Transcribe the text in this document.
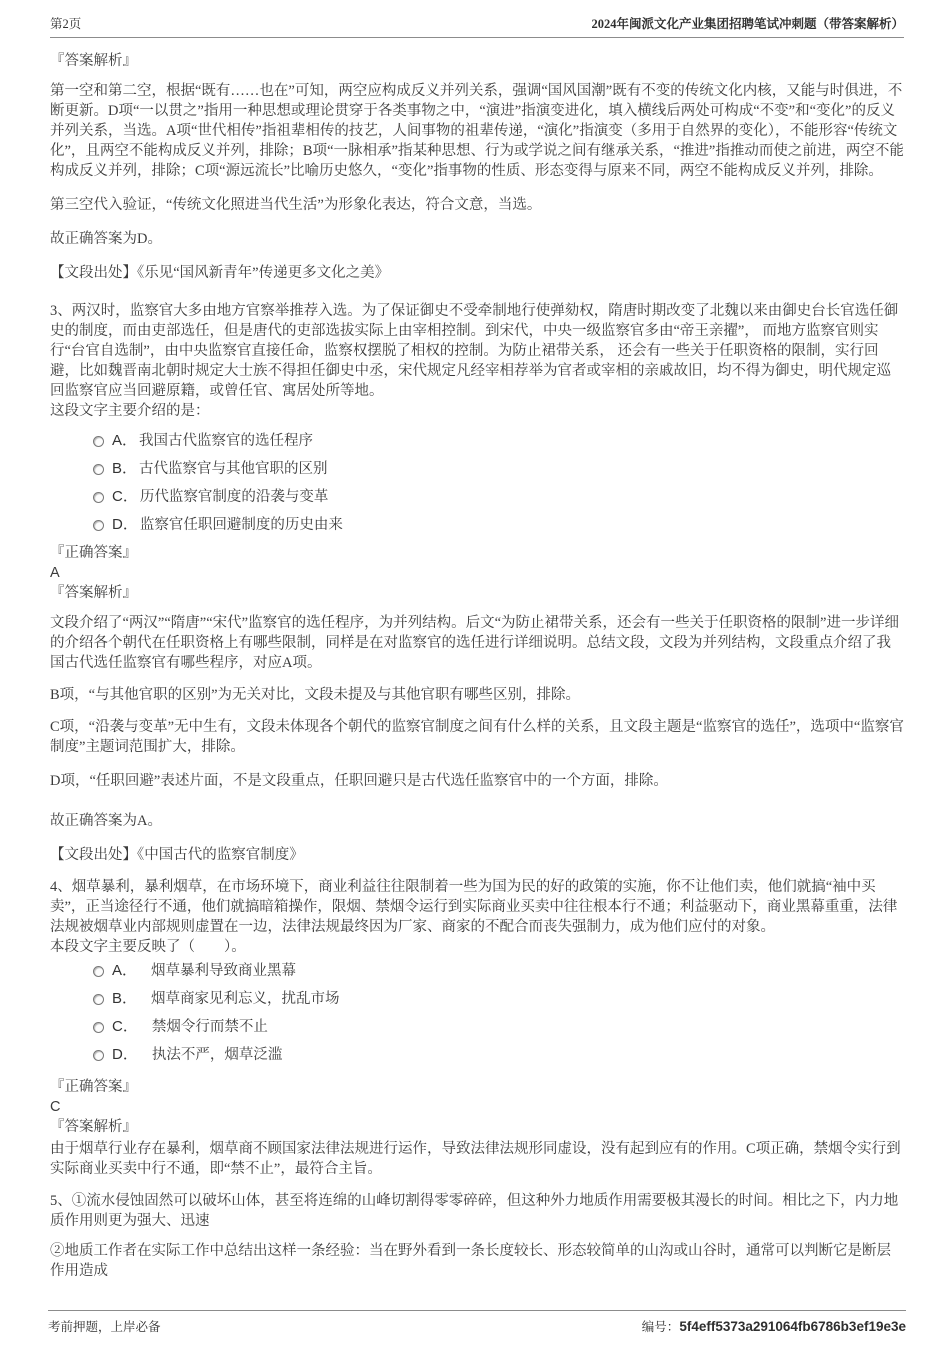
第2页	2024年闽派文化产业集团招聘笔试冲刺题（带答案解析）

『答案解析』

第一空和第二空，根据“既有……也在”可知，两空应构成反义并列关系，强调“国风国潮”既有不变的传统文化内核，又能与时俱进，不断更新。D项“一以贯之”指用一种思想或理论贯穿于各类事物之中，“演进”指演变进化，填入横线后两处可构成“不变”和“变化”的反义并列关系，当选。A项“世代相传”指祖辈相传的技艺，人间事物的祖辈传递，“演化”指演变（多用于自然界的变化），不能形容“传统文化”，且两空不能构成反义并列，排除；B项“一脉相承”指某种思想、行为或学说之间有继承关系，“推进”指推动而使之前进，两空不能构成反义并列，排除；C项“源远流长”比喻历史悠久，“变化”指事物的性质、形态变得与原来不同，两空不能构成反义并列，排除。

第三空代入验证，“传统文化照进当代生活”为形象化表达，符合文意，当选。

故正确答案为D。

【文段出处】《乐见“国风新青年”传递更多文化之美》

3、两汉时，监察官大多由地方官察举推荐入选。为了保证御史不受牵制地行使弹劾权，隋唐时期改变了北魏以来由御史台长官选任御史的制度，而由吏部选任，但是唐代的吏部选拔实际上由宰相控制。到宋代，中央一级监察官多由“帝王亲擢”， 而地方监察官则实行“台官自选制”，由中央监察官直接任命，监察权摆脱了相权的控制。为防止裙带关系， 还会有一些关于任职资格的限制，实行回避，比如魏晋南北朝时规定大士族不得担任御史中丞，宋代规定凡经宰相荐举为官者或宰相的亲戚故旧，均不得为御史，明代规定巡回监察官应当回避原籍，或曾任官、寓居处所等地。

这段文字主要介绍的是：

A． 我国古代监察官的选任程序
B． 古代监察官与其他官职的区别
C． 历代监察官制度的沿袭与变革
D． 监察官任职回避制度的历史由来

『正确答案』

A

『答案解析』

文段介绍了“两汉”“隋唐”“宋代”监察官的选任程序，为并列结构。后文“为防止裙带关系，还会有一些关于任职资格的限制”进一步详细的介绍各个朝代在任职资格上有哪些限制，同样是在对监察官的选任进行详细说明。总结文段，文段为并列结构，文段重点介绍了我国古代选任监察官有哪些程序，对应A项。

B项，“与其他官职的区别”为无关对比，文段未提及与其他官职有哪些区别，排除。

C项，“沿袭与变革”无中生有，文段未体现各个朝代的监察官制度之间有什么样的关系，且文段主题是“监察官的选任”，选项中“监察官制度”主题词范围扩大，排除。

D项，“任职回避”表述片面，不是文段重点，任职回避只是古代选任监察官中的一个方面，排除。

故正确答案为A。

【文段出处】《中国古代的监察官制度》

4、烟草暴利，暴利烟草，在市场环境下，商业利益往往限制着一些为国为民的好的政策的实施，你不让他们卖，他们就搞“袖中买卖”，正当途径行不通，他们就搞暗箱操作，限烟、禁烟令运行到实际商业买卖中往往根本行不通；利益驱动下，商业黑幕重重，法律法规被烟草业内部规则虚置在一边，法律法规最终因为厂家、商家的不配合而丧失强制力，成为他们应付的对象。

本段文字主要反映了（　　）。

A． 烟草暴利导致商业黑幕
B． 烟草商家见利忘义，扰乱市场
C． 禁烟令行而禁不止
D． 执法不严，烟草泛滥

『正确答案』

C

『答案解析』

由于烟草行业存在暴利，烟草商不顾国家法律法规进行运作，导致法律法规形同虚设，没有起到应有的作用。C项正确，禁烟令实行到实际商业买卖中行不通，即“禁不止”，最符合主旨。

5、①流水侵蚀固然可以破坏山体，甚至将连绵的山峰切割得零零碎碎，但这种外力地质作用需要极其漫长的时间。相比之下，内力地质作用则更为强大、迅速

②地质工作者在实际工作中总结出这样一条经验：当在野外看到一条长度较长、形态较简单的山沟或山谷时，通常可以判断它是断层作用造成

考前押题，上岸必备	编号：5f4eff5373a291064fb6786b3ef19e3e
